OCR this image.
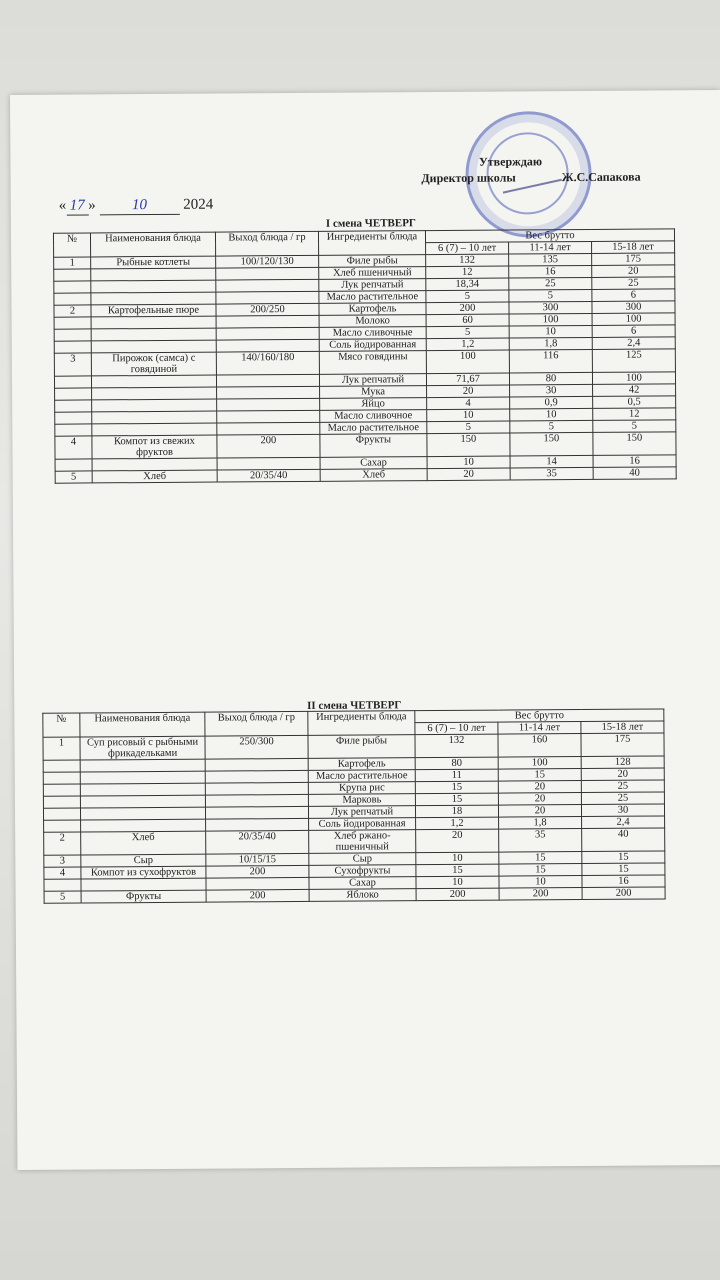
Утверждаю
Директор школы	Ж.С.Сапакова
« 17 » 10 2024
I смена ЧЕТВЕРГ
№	Наименования блюда	Выход блюда / гр	Ингредиенты блюда	Вес брутто		
				6 (7) – 10 лет	11-14 лет	15-18 лет
1	Рыбные котлеты	100/120/130	Филе рыбы	132	135	175
			Хлеб пшеничный	12	16	20
			Лук репчатый	18,34	25	25
			Масло растительное	5	5	6
2	Картофельные пюре	200/250	Картофель	200	300	300
			Молоко	60	100	100
			Масло сливочные	5	10	6
			Соль йодированная	1,2	1,8	2,4
3	Пирожок (самса) с говядиной	140/160/180	Мясо говядины	100	116	125
			Лук репчатый	71,67	80	100
			Мука	20	30	42
			Яйцо	4	0,9	0,5
			Масло сливочное	10	10	12
			Масло растительное	5	5	5
4	Компот из свежих фруктов	200	Фрукты	150	150	150
			Сахар	10	14	16
5	Хлеб	20/35/40	Хлеб	20	35	40
II смена ЧЕТВЕРГ
№	Наименования блюда	Выход блюда / гр	Ингредиенты блюда	Вес брутто		
				6 (7) – 10 лет	11-14 лет	15-18 лет
1	Суп рисовый с рыбными фрикадельками	250/300	Филе рыбы	132	160	175
			Картофель	80	100	128
			Масло растительное	11	15	20
			Крупа рис	15	20	25
			Марковь	15	20	25
			Лук репчатый	18	20	30
			Соль йодированная	1,2	1,8	2,4
2	Хлеб	20/35/40	Хлеб ржано-пшеничный	20	35	40
3	Сыр	10/15/15	Сыр	10	15	15
4	Компот из сухофруктов	200	Сухофрукты	15	15	15
			Сахар	10	10	16
5	Фрукты	200	Яблоко	200	200	200
